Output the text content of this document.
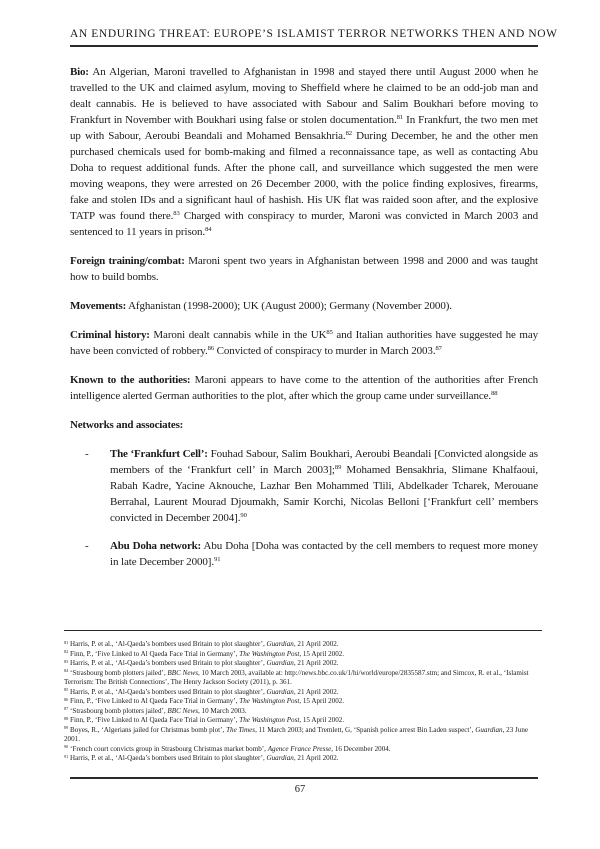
AN ENDURING THREAT: EUROPE’S ISLAMIST TERROR NETWORKS THEN AND NOW

Bio: An Algerian, Maroni travelled to Afghanistan in 1998 and stayed there until August 2000 when he travelled to the UK and claimed asylum, moving to Sheffield where he claimed to be an odd-job man and dealt cannabis. He is believed to have associated with Sabour and Salim Boukhari before moving to Frankfurt in November with Boukhari using false or stolen documentation.$^{81}$ In Frankfurt, the two men met up with Sabour, Aeroubi Beandali and Mohamed Bensakhria.$^{82}$ During December, he and the other men purchased chemicals used for bomb-making and filmed a reconnaissance tape, as well as contacting Abu Doha to request additional funds. After the phone call, and surveillance which suggested the men were moving weapons, they were arrested on 26 December 2000, with the police finding explosives, firearms, fake and stolen IDs and a significant haul of hashish. His UK flat was raided soon after, and the explosive TATP was found there.$^{83}$ Charged with conspiracy to murder, Maroni was convicted in March 2003 and sentenced to 11 years in prison.$^{84}$

Foreign training/combat: Maroni spent two years in Afghanistan between 1998 and 2000 and was taught how to build bombs.

Movements: Afghanistan (1998-2000); UK (August 2000); Germany (November 2000).

Criminal history: Maroni dealt cannabis while in the UK$^{85}$ and Italian authorities have suggested he may have been convicted of robbery.$^{86}$ Convicted of conspiracy to murder in March 2003.87

Known to the authorities: Maroni appears to have come to the attention of the authorities after French intelligence alerted German authorities to the plot, after which the group came under surveillance.$^{88}$

Networks and associates:

-	The ‘Frankfurt Cell’: Fouhad Sabour, Salim Boukhari, Aeroubi Beandali [Convicted alongside as members of the ‘Frankfurt cell’ in March 2003];$^{89}$ Mohamed Bensakhria, Slimane Khalfaoui, Rabah Kadre, Yacine Aknouche, Lazhar Ben Mohammed Tlili, Abdelkader Tcharek, Merouane Berrahal, Laurent Mourad Djoumakh, Samir Korchi, Nicolas Belloni [‘Frankfurt cell’ members convicted in December 2004].$^{90}$

-	Abu Doha network: Abu Doha [Doha was contacted by the cell members to request more money in late December 2000].$^{91}$

$^{81}$ Harris, P. et al., ‘Al-Qaeda’s bombers used Britain to plot slaughter’, Guardian, 21 April 2002.

$^{82}$ Finn, P., ‘Five Linked to Al Qaeda Face Trial in Germany’, The Washington Post, 15 April 2002.

$^{83}$ Harris, P. et al., ‘Al-Qaeda’s bombers used Britain to plot slaughter’, Guardian, 21 April 2002.

$^{84}$ ‘Strasbourg bomb plotters jailed’, BBC News, 10 March 2003, available at: http://news.bbc.co.uk/1/hi/world/europe/2835587.stm; and Simcox, R. et al., ‘Islamist Terrorism: The British Connections’, The Henry Jackson Society (2011), p. 361.

$^{85}$ Harris, P. et al., ‘Al-Qaeda’s bombers used Britain to plot slaughter’, Guardian, 21 April 2002.

$^{86}$ Finn, P., ‘Five Linked to Al Qaeda Face Trial in Germany’, The Washington Post, 15 April 2002.

$^{87}$ ‘Strasbourg bomb plotters jailed’, BBC News, 10 March 2003.

$^{88}$ Finn, P., ‘Five Linked to Al Qaeda Face Trial in Germany’, The Washington Post, 15 April 2002.

$^{89}$ Boyes, R., ‘Algerians jailed for Christmas bomb plot’, The Times, 11 March 2003; and Tremlett, G, ‘Spanish police arrest Bin Laden suspect’, Guardian, 23 June 2001.

$^{90}$ ‘French court convicts group in Strasbourg Christmas market bomb’, Agence France Presse, 16 December 2004.

$^{91}$ Harris, P. et al., ‘Al-Qaeda’s bombers used Britain to plot slaughter’, Guardian, 21 April 2002.

67
